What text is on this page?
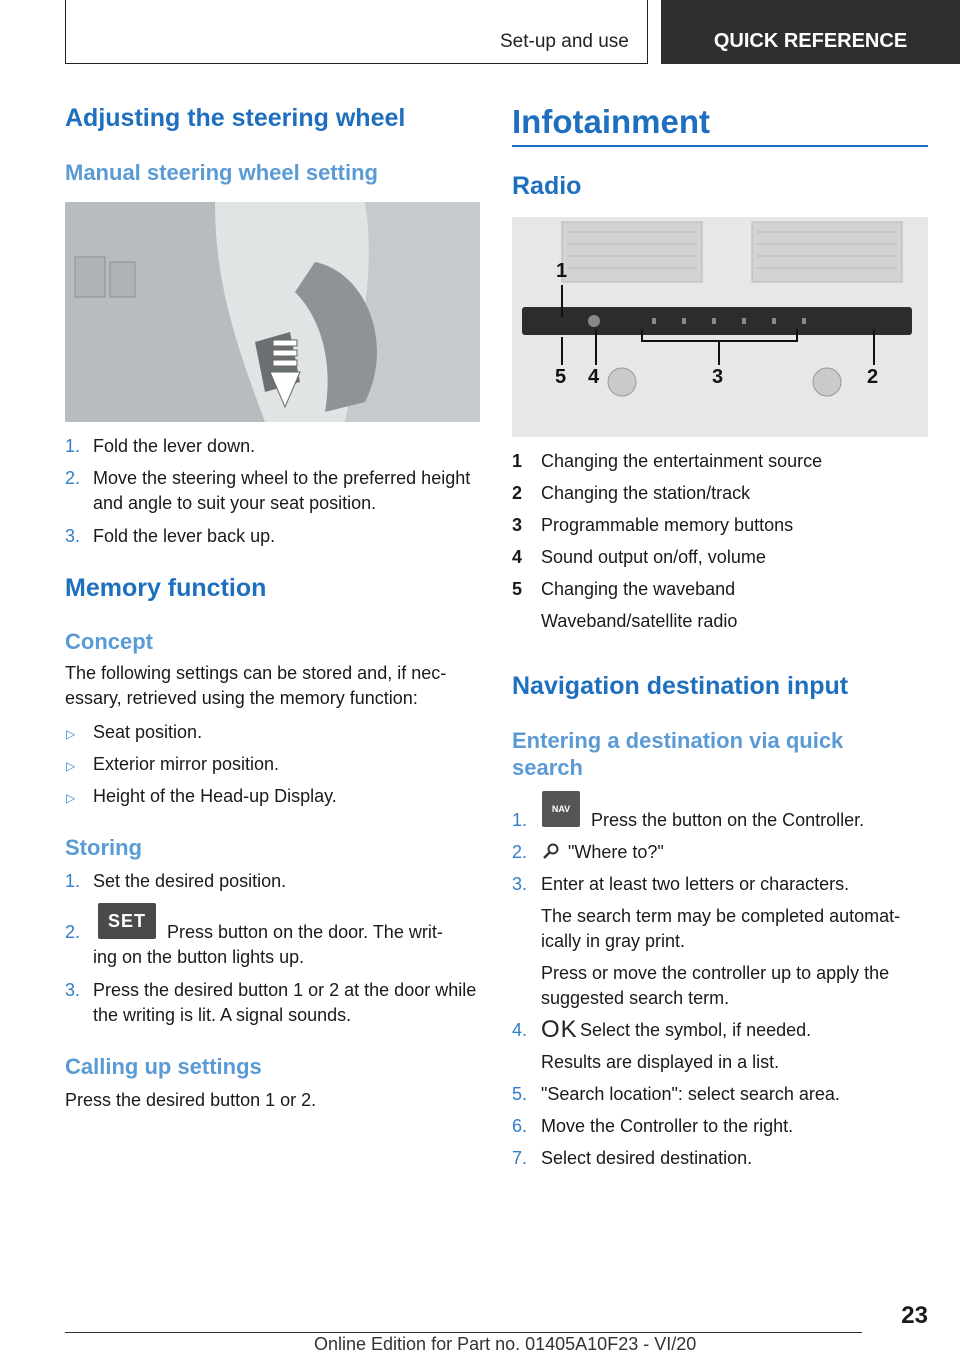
Set-up and use	QUICK REFERENCE
Adjusting the steering wheel
Manual steering wheel setting
1. Fold the lever down.
2. Move the steering wheel to the preferred height and angle to suit your seat position.
3. Fold the lever back up.
Memory function
Concept
The following settings can be stored and, if nec‐essary, retrieved using the memory function:
▷ Seat position.
▷ Exterior mirror position.
▷ Height of the Head-up Display.
Storing
1. Set the desired position.
2.
SET
Press button on the door. The writ‐
ing on the button lights up.
3. Press the desired button 1 or 2 at the door while the writing is lit. A signal sounds.
Calling up settings
Press the desired button 1 or 2.
Infotainment
Radio
1
5 4	3	2
1 Changing the entertainment source
2 Changing the station/track
3 Programmable memory buttons
4 Sound output on/off, volume
5 Changing the waveband
Waveband/satellite radio
Navigation destination input
Entering a destination via quick search
1.
NAV
Press the button on the Controller.
2. "Where to?"
3. Enter at least two letters or characters.
The search term may be completed automat‐ically in gray print.
Press or move the controller up to apply the suggested search term.
4. OK Select the symbol, if needed.
Results are displayed in a list.
5. "Search location": select search area.
6. Move the Controller to the right.
7. Select desired destination.
23
Online Edition for Part no. 01405A10F23 - VI/20
